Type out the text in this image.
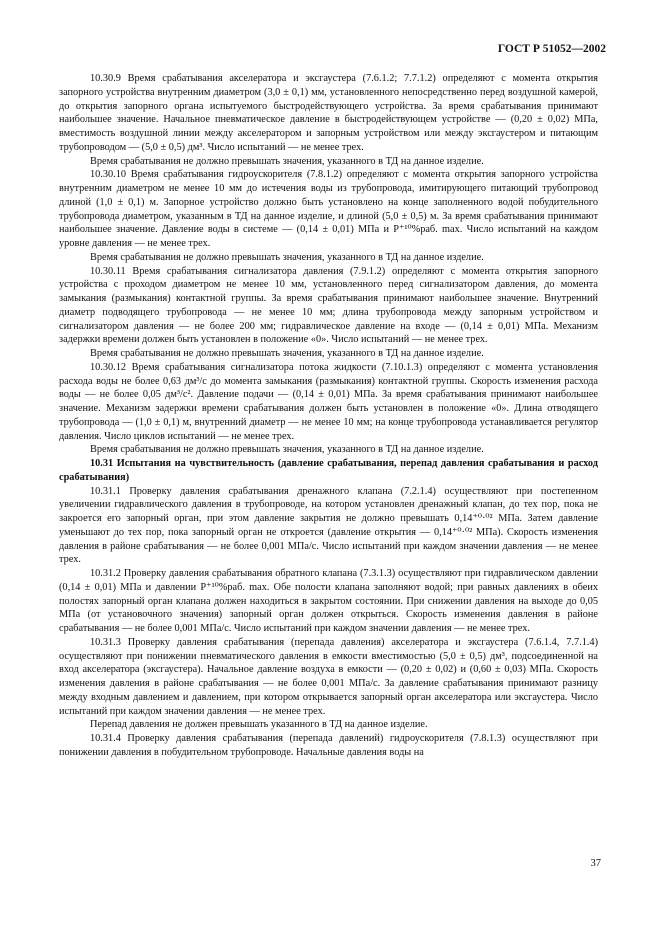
ГОСТ Р 51052—2002

10.30.9 Время срабатывания акселератора и эксгаустера (7.6.1.2; 7.7.1.2) определяют с момента открытия запорного устройства внутренним диаметром (3,0 ± 0,1) мм, установленного непосредственно перед воздушной камерой, до открытия запорного органа испытуемого быстродействующего устройства. За время срабатывания принимают наибольшее значение. Начальное пневматическое давление в быстродействующем устройстве — (0,20 ± 0,02) МПа, вместимость воздушной линии между акселератором и запорным устройством или между эксгаустером и питающим трубопроводом — (5,0 ± 0,5) дм³. Число испытаний — не менее трех.

Время срабатывания не должно превышать значения, указанного в ТД на данное изделие.

10.30.10 Время срабатывания гидроускорителя (7.8.1.2) определяют с момента открытия запорного устройства внутренним диаметром не менее 10 мм до истечения воды из трубопровода, имитирующего питающий трубопровод длиной (1,0 ± 0,1) м. Запорное устройство должно быть установлено на конце заполненного водой побудительного трубопровода диаметром, указанным в ТД на данное изделие, и длиной (5,0 ± 0,5) м. За время срабатывания принимают наибольшее значение. Давление воды в системе — (0,14 ± 0,01) МПа и P⁺¹⁰%раб. max. Число испытаний на каждом уровне давления — не менее трех.

Время срабатывания не должно превышать значения, указанного в ТД на данное изделие.

10.30.11 Время срабатывания сигнализатора давления (7.9.1.2) определяют с момента открытия запорного устройства с проходом диаметром не менее 10 мм, установленного перед сигнализатором давления, до момента замыкания (размыкания) контактной группы. За время срабатывания принимают наибольшее значение. Внутренний диаметр подводящего трубопровода — не менее 10 мм; длина трубопровода между запорным устройством и сигнализатором давления — не более 200 мм; гидравлическое давление на входе — (0,14 ± 0,01) МПа. Механизм задержки времени должен быть установлен в положение «0». Число испытаний — не менее трех.

Время срабатывания не должно превышать значения, указанного в ТД на данное изделие.

10.30.12 Время срабатывания сигнализатора потока жидкости (7.10.1.3) определяют с момента установления расхода воды не более 0,63 дм³/с до момента замыкания (размыкания) контактной группы. Скорость изменения расхода воды — не более 0,05 дм³/с². Давление подачи — (0,14 ± 0,01) МПа. За время срабатывания принимают наибольшее значение. Механизм задержки времени срабатывания должен быть установлен в положение «0». Длина отводящего трубопровода — (1,0 ± 0,1) м, внутренний диаметр — не менее 10 мм; на конце трубопровода устанавливается регулятор давления. Число циклов испытаний — не менее трех.

Время срабатывания не должно превышать значения, указанного в ТД на данное изделие.

10.31 Испытания на чувствительность (давление срабатывания, перепад давления срабатывания и расход срабатывания)

10.31.1 Проверку давления срабатывания дренажного клапана (7.2.1.4) осуществляют при постепенном увеличении гидравлического давления в трубопроводе, на котором установлен дренажный клапан, до тех пор, пока не закроется его запорный орган, при этом давление закрытия не должно превышать 0,14⁺⁰·⁰² МПа. Затем давление уменьшают до тех пор, пока запорный орган не откроется (давление открытия — 0,14⁺⁰·⁰² МПа). Скорость изменения давления в районе срабатывания — не более 0,001 МПа/с. Число испытаний при каждом значении давления — не менее трех.

10.31.2 Проверку давления срабатывания обратного клапана (7.3.1.3) осуществляют при гидравлическом давлении (0,14 ± 0,01) МПа и давлении P⁺¹⁰%раб. max. Обе полости клапана заполняют водой; при равных давлениях в обеих полостях запорный орган клапана должен находиться в закрытом состоянии. При снижении давления на выходе до 0,05 МПа (от установочного значения) запорный орган должен открыться. Скорость изменения давления в районе срабатывания — не более 0,001 МПа/с. Число испытаний при каждом значении давления — не менее трех.

10.31.3 Проверку давления срабатывания (перепада давления) акселератора и эксгаустера (7.6.1.4, 7.7.1.4) осуществляют при понижении пневматического давления в емкости вместимостью (5,0 ± 0,5) дм³, подсоединенной на вход акселератора (эксгаустера). Начальное давление воздуха в емкости — (0,20 ± 0,02) и (0,60 ± 0,03) МПа. Скорость изменения давления в районе срабатывания — не более 0,001 МПа/с. За давление срабатывания принимают разницу между входным давлением и давлением, при котором открывается запорный орган акселератора или эксгаустера. Число испытаний при каждом значении давления — не менее трех.

Перепад давления не должен превышать указанного в ТД на данное изделие.

10.31.4 Проверку давления срабатывания (перепада давлений) гидроускорителя (7.8.1.3) осуществляют при понижении давления в побудительном трубопроводе. Начальные давления воды на

37
